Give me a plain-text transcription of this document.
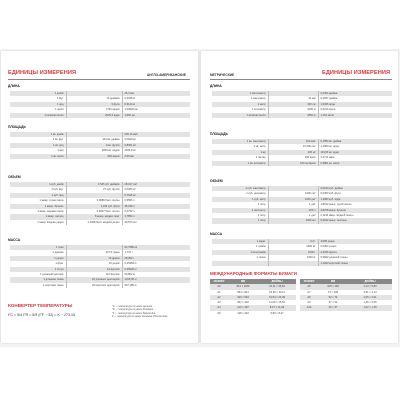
ЕДИНИЦЫ ИЗМЕРЕНИЯ	АНГЛО-АМЕРИКАНСКИЕ
ДЛИНА
1 дюйм		25,4 мм
1 фут	12 дюймов	0,3048 м
1 ярд	3 фута	0,9144 м
1 миля	1760 ярдов	1,60934 км
1 морская миля	2025,4 ярда	1,852 км
ПЛОЩАДЬ
1 кв. дюйм		645,16 мм²
1 кв. фут	144 кв. дюйма	0,0929 м²
1 кв. ярд	9 кв. футов	0,8361 м²
1 акр	4840 кв. ярдов	4046,9 м²
1 кв. миля	640 акров	2,59 км²
ОБЪЕМ
1 куб. дюйм	1728 куб. дюймов	28,317 см³
1 куб. фут	27 куб. футов	0,0283 м³
1 куб. ярд		0,7646 м³
1 амер. сухая пинта	0,9689 брит. пинты	0,5506 л
1 амер. бушель	1,244 куб. фута	35,239 л
1 амер. жидкая пинта	0,8327 брит. пинты	0,4732 л
1 амер. галлон	8 амер. жидких пинт	3,7854 л
1 амер. жидкая унция	1,0408 брит. жидкой унции	29,574 мл
МАССА
1 гран		64,7989 мг
1 драхма	437,5 грана	1,772 г
1 унция	16 драхм	28,350 г
1 фунт	16 унций	0,45359 кг
1 стоун	14 фунтов	6,35029 кг
1 длинный центнер	112 фунтов	50,802 кг
1 длинная тонна	20 длинных центнеров	1016,05 кг
1 короткая тонна	20 коротких центнеров	907,185 кг
КОНВЕРТЕР ТЕМПЕРАТУРЫ
t°C = 5/4 t°R = 5/9 (t°F − 32) = K − 273,15
°С — температура по шкале Цельсия
°R — температура по шкале Реомюра
°F — температура по шкале Фаренгейта
K — температура по шкале Кельвина (Абсолютная)
МЕТРИЧЕСКИЕ	ЕДИНИЦЫ ИЗМЕРЕНИЯ
ДЛИНА
1 миллиметр		0,0394 дюйма
1 сантиметр	10 мм	0,3937 дюйма
1 метр	100 см	1,0936 ярда
1 километр	1000 м	0,6214 мили
1 морская миля	1852 м	1,151 мили
ПЛОЩАДЬ
1 кв. сантиметр	100 мм²	0,1550 кв. дюйма
1 кв. метр	10 000 см²	1,1960 кв. ярда
1 ар	100 м²	119,60 кв. ярда
1 гектар	100 аров	2,4711 акра
1 кв. километр	100 гектаров	0,3861 кв. мили
ОБЪЕМ
1 куб. сантиметр		0,0610 куб. дюйма
1 куб. дециметр	1000 см³	0,0353 куб. фута
1 куб. метр	1000 дм³	1,3080 куб. ярда
1 литр	1 дм³	1,8162 амер. сухой пинты
1 гектолитр	100 л	2,8378 амер. бушеля
1 литр	1 дм³	2,1134 амер. жидкой пинты
1 литр	1000 мл	0,2642 амер. галлона
МАССА
1 карат	0,2 г	3,086 грана
1 грамм	1000 мг	0,0353 унции
1 килограмм	1000 г	2,2046 фунта
1 тонна	1000 кг	0,9842 длинной тонны
		1,1023 короткой тонны
МЕЖДУНАРОДНЫЕ ФОРМАТЫ БУМАГИ
РАЗМЕР	ММ	ДЮЙМЫ		РАЗМЕР	ММ	ДЮЙМЫ
A0	841 × 1189	33,11 × 46,81		A6	105 × 148	4,13 × 5,83
A1	594 × 841	23,39 × 33,11		A7	74 × 105	2,91 × 4,13
A2	420 × 594	16,54 × 23,39		A8	52 × 74	2,05 × 2,91
A3	297 × 420	11,69 × 16,54		A9	37 × 52	1,46 × 2,05
A4	210 × 297	8,27 × 11,69		A10	26 × 37	1,02 × 1,46
A5	148 × 210	5,83 × 8,27				
